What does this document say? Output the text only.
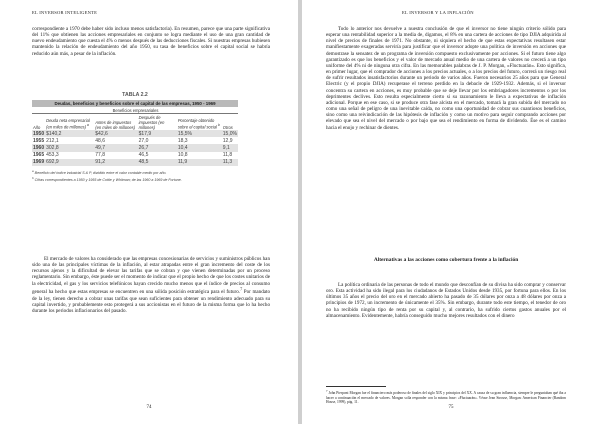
EL INVERSOR INTELIGENTE

correspondiente a 1970 debe haber sido incluso menos satisfactoria). En resumen, parece que una parte significativa del 11% que obtienen las acciones empresariales en conjunto se logra mediante el uso de una gran cantidad de nuevo endeudamiento que cuesta el 4% o menos después de las deducciones fiscales. Si nuestras empresas hubiesen mantenido la relación de endeudamiento del año 1950, su tasa de beneficios sobre el capital social se habría reducido aún más, a pesar de la inflación.

TABLA 2.2
Deudas, beneficios y beneficios sobre el capital de las empresas, 1950 - 1969
		Beneficios empresariales			
Año	Deuda neta empresarial (en miles de millones) $^a$	Antes de impuestos (en miles de millones)	Después de impuestos (en millones)	Porcentaje obtenido sobre el capital social $^b$	Otros
1950	$140,2	$42,6	$17,9	15,5%	15,0%
1955	212,1	48,6	27,0	18,3	12,9
1960	302,8	49,7	26,7	10,4	9,1
1965	453,3	77,8	46,5	10,8	11,8
1969	692,9	91,2	48,5	11,9	11,3
$^a$ Beneficio del índice industrial S & P, dividido entre el valor contable medio por año.
$^b$ Cifras correspondientes a 1950 y 1955 de Cottle y Whitman; de las 1960 a 1969 de Fortune.

El mercado de valores ha considerado que las empresas concesionarias de servicios y suministros públicos han sido una de las principales víctimas de la inflación, al estar atrapadas entre el gran incremento del coste de los recursos ajenos y la dificultad de elevar las tarifas que se cobran y que vienen determinadas por un proceso reglamentario. Sin embargo, éste puede ser el momento de indicar que el propio hecho de que los costes unitarios de la electricidad, el gas y los servicios telefónicos hayan crecido mucho menos que el índice de precios al consumo general ha hecho que estas empresas se encuentren en una sólida posición estratégica para el futuro.$^7$ Por mandato de la ley, tienen derecho a cobrar unas tarifas que sean suficientes para obtener un rendimiento adecuado para su capital invertido, y probablemente esto protegerá a sus accionistas en el futuro de la misma forma que lo ha hecho durante los periodos inflacionarios del pasado.

74
EL INVERSOR Y LA INFLACIÓN

Todo lo anterior nos devuelve a nuestra conclusión de que el inversor no tiene ningún criterio sólido para esperar una rentabilidad superior a la media de, digamos, el 8% en una cartera de acciones de tipo DJIA adquirida al nivel de precios de finales de 1971. No obstante, ni siquiera el hecho de que estas expectativas resultasen estar manifiestamente exageradas serviría para justificar que el inversor adopte una política de inversión en acciones que demostrase la sensatez de un programa de inversión compuesto exclusivamente por acciones. Si el futuro tiene algo garantizado es que los beneficios y el valor de mercado anual medio de una cartera de valores no crecerá a un tipo uniforme del 4% ni de ninguna otra cifra. En las memorables palabras de J. P. Morgan, «Fluctuarán». Esto significa, en primer lugar, que el comprador de acciones a los precios actuales, o a los precios del futuro, correrá un riesgo real de sufrir resultados insatisfactorios durante un periodo de varios años. Fueron necesarios 25 años para que General Electric (y el propio DJIA) recuperase el terreno perdido en la debacle de 1929-1932. Además, si el inversor concentra su cartera en acciones, es muy probable que se deje llevar por los embriagadores incrementos o por los deprimentes declives. Esto resulta especialmente cierto si su razonamiento le lleva a expectativas de inflación adicional. Porque en ese caso, si se produce otra fase alcista en el mercado, tomará la gran subida del mercado no como una señal de peligro de una inevitable caída, no como una oportunidad de cobrar sus cuantiosos beneficios, sino como una reivindicación de las hipótesis de inflación y como un motivo para seguir comprando acciones por elevado que sea el nivel del mercado o por bajo que sea el rendimiento en forma de dividendo. Ése es el camino hacia el enojo y rechinar de dientes.

Alternativas a las acciones como cobertura frente a la inflación

La política ordinaria de las personas de todo el mundo que desconfían de su divisa ha sido comprar y conservar oro. Esta actividad ha sido ilegal para los ciudadanos de Estados Unidos desde 1935, por fortuna para ellos. En los últimos 35 años el precio del oro en el mercado abierto ha pasado de 35 dólares por onza a 48 dólares por onza a principios de 1972, un incremento de únicamente el 35%. Sin embargo, durante todo este tiempo, el tenedor de oro no ha recibido ningún tipo de renta por su capital y, al contrario, ha sufrido ciertos gastos anuales por el almacenamiento. Evidentemente, habría conseguido mucho mejores resultados con el dinero

$^7$ John Pierpont Morgan fue el financiero más poderoso de finales del siglo XIX y principios del XX. A causa de su gran influencia, siempre le preguntaban qué iba a hacer a continuación el mercado de valores. Morgan solía responder con la misma frase: «Fluctuarán». Véase Jean Strouse, Morgan: American Financier (Random House, 1999), pág. 11.
75
